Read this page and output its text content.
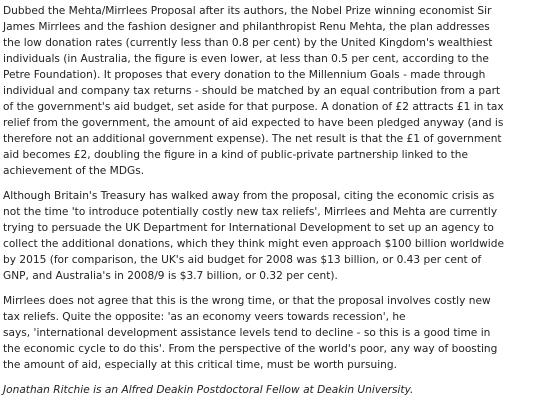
Dubbed the Mehta/Mirrlees Proposal after its authors, the Nobel Prize winning economist Sir
James Mirrlees and the fashion designer and philanthropist Renu Mehta, the plan addresses
the low donation rates (currently less than 0.8 per cent) by the United Kingdom's wealthiest
individuals (in Australia, the figure is even lower, at less than 0.5 per cent, according to the
Petre Foundation). It proposes that every donation to the Millennium Goals - made through
individual and company tax returns - should be matched by an equal contribution from a part
of the government's aid budget, set aside for that purpose. A donation of £2 attracts £1 in tax
relief from the government, the amount of aid expected to have been pledged anyway (and is
therefore not an additional government expense). The net result is that the £1 of government
aid becomes £2, doubling the figure in a kind of public-private partnership linked to the
achievement of the MDGs.

Although Britain's Treasury has walked away from the proposal, citing the economic crisis as
not the time 'to introduce potentially costly new tax reliefs', Mirrlees and Mehta are currently
trying to persuade the UK Department for International Development to set up an agency to
collect the additional donations, which they think might even approach $100 billion worldwide
by 2015 (for comparison, the UK's aid budget for 2008 was $13 billion, or 0.43 per cent of
GNP, and Australia's in 2008/9 is $3.7 billion, or 0.32 per cent).

Mirrlees does not agree that this is the wrong time, or that the proposal involves costly new
tax reliefs. Quite the opposite: 'as an economy veers towards recession', he
says, 'international development assistance levels tend to decline - so this is a good time in
the economic cycle to do this'. From the perspective of the world's poor, any way of boosting
the amount of aid, especially at this critical time, must be worth pursuing.

Jonathan Ritchie is an Alfred Deakin Postdoctoral Fellow at Deakin University.
